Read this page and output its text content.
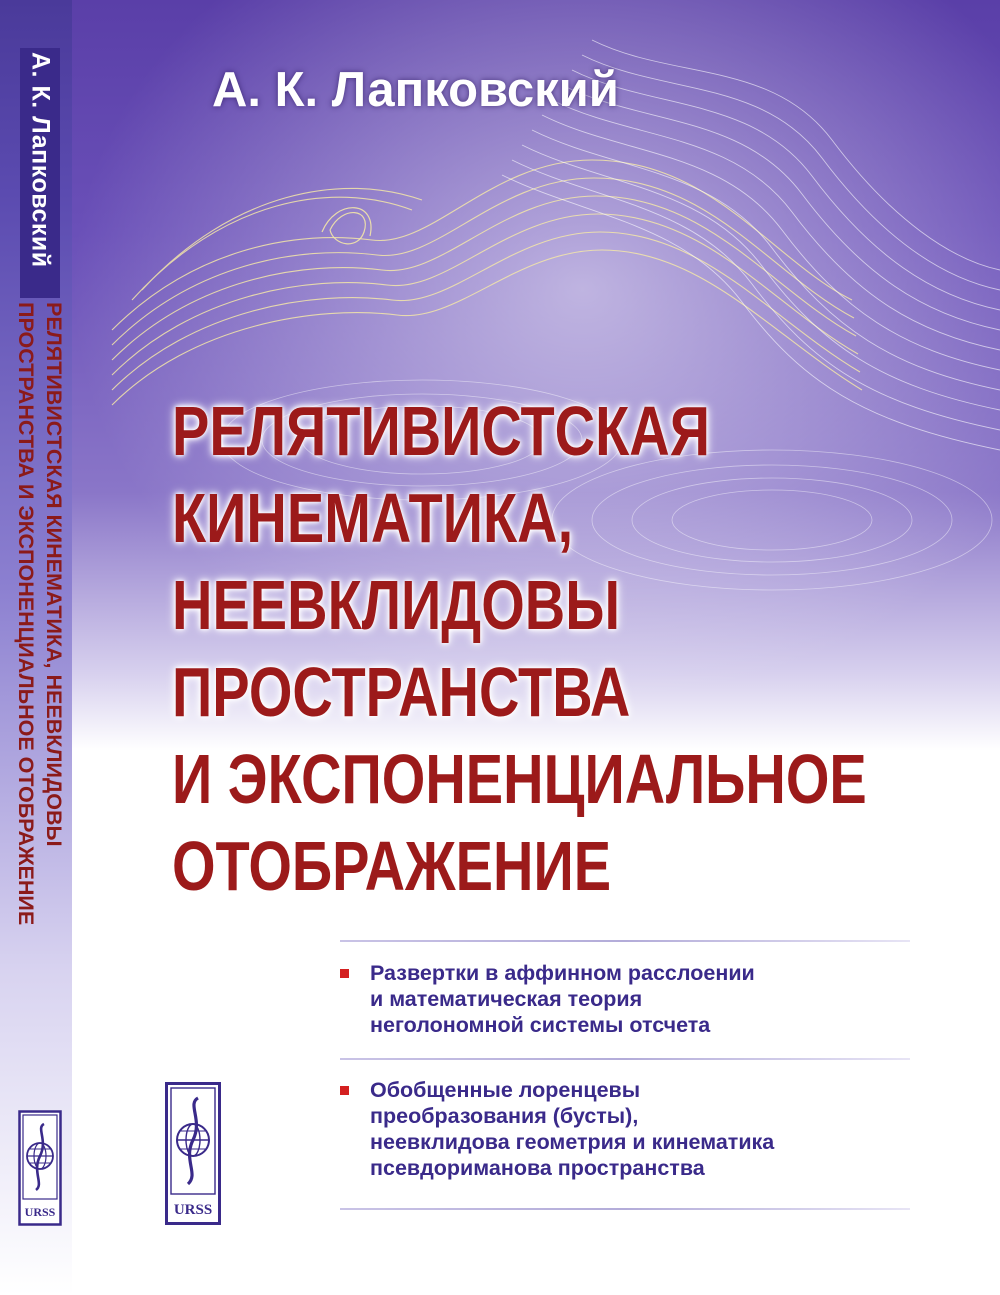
А. К. Лапковский
РЕЛЯТИВИСТСКАЯ КИНЕМАТИКА, НЕЕВКЛИДОВЫ
ПРОСТРАНСТВА И ЭКСПОНЕНЦИАЛЬНОЕ ОТОБРАЖЕНИЕ
URSS
А. К. Лапковский
РЕЛЯТИВИСТСКАЯ
КИНЕМАТИКА,
НЕЕВКЛИДОВЫ
ПРОСТРАНСТВА
И ЭКСПОНЕНЦИАЛЬНОЕ
ОТОБРАЖЕНИЕ
Развертки в аффинном расслоении
и математическая теория
неголономной системы отсчета
Обобщенные лоренцевы
преобразования (бусты),
неевклидова геометрия и кинематика
псевдориманова пространства
URSS
